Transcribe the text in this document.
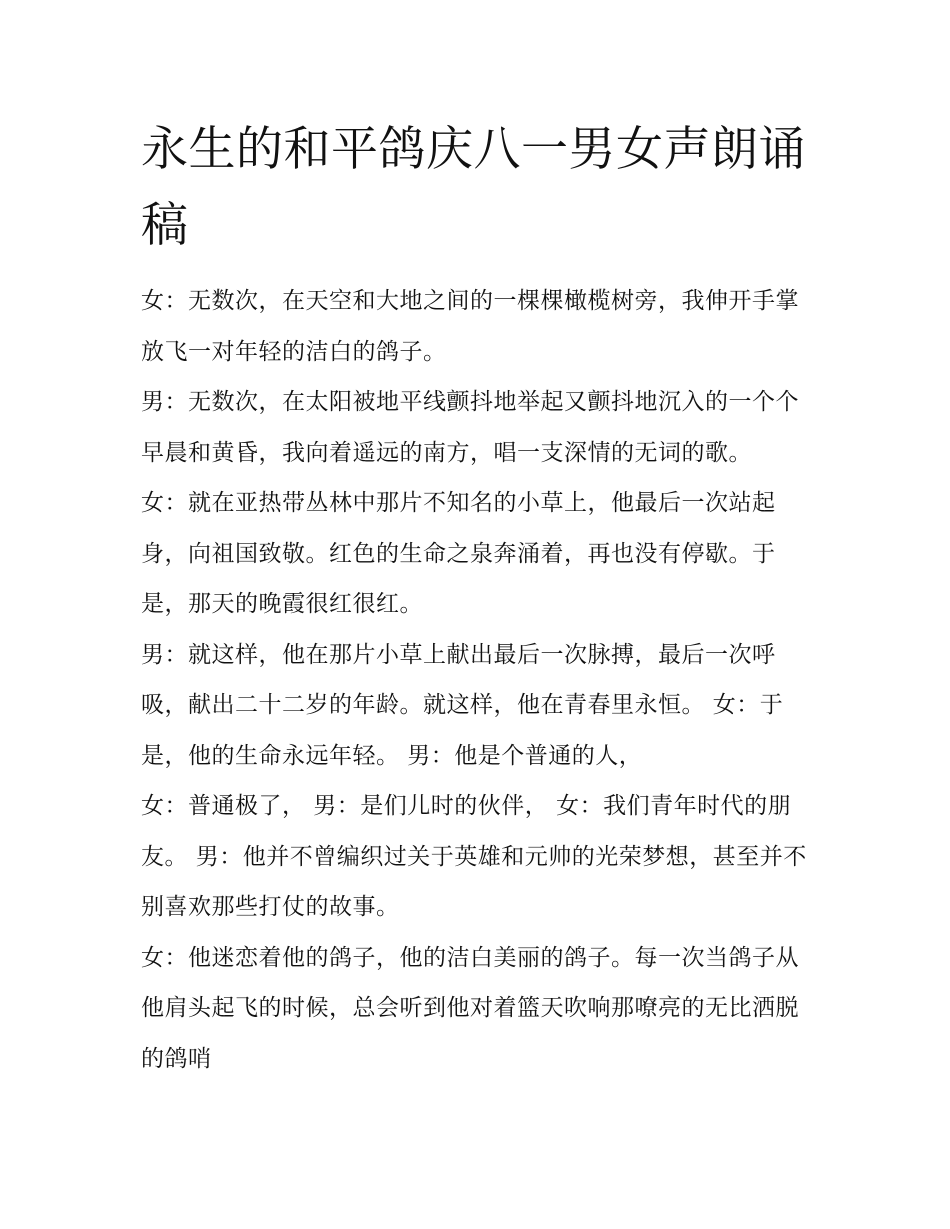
永生的和平鸽庆八一男女声朗诵稿

女：无数次，在天空和大地之间的一棵棵橄榄树旁，我伸开手掌放飞一对年轻的洁白的鸽子。

男：无数次，在太阳被地平线颤抖地举起又颤抖地沉入的一个个早晨和黄昏，我向着遥远的南方，唱一支深情的无词的歌。

女：就在亚热带丛林中那片不知名的小草上，他最后一次站起身，向祖国致敬。红色的生命之泉奔涌着，再也没有停歇。于是，那天的晚霞很红很红。

男：就这样，他在那片小草上献出最后一次脉搏，最后一次呼吸，献出二十二岁的年龄。就这样，他在青春里永恒。 女：于是，他的生命永远年轻。 男：他是个普通的人，

女：普通极了， 男：是们儿时的伙伴， 女：我们青年时代的朋友。 男：他并不曾编织过关于英雄和元帅的光荣梦想，甚至并不别喜欢那些打仗的故事。

女：他迷恋着他的鸽子，他的洁白美丽的鸽子。每一次当鸽子从他肩头起飞的时候，总会听到他对着篮天吹响那嘹亮的无比洒脱的鸽哨
